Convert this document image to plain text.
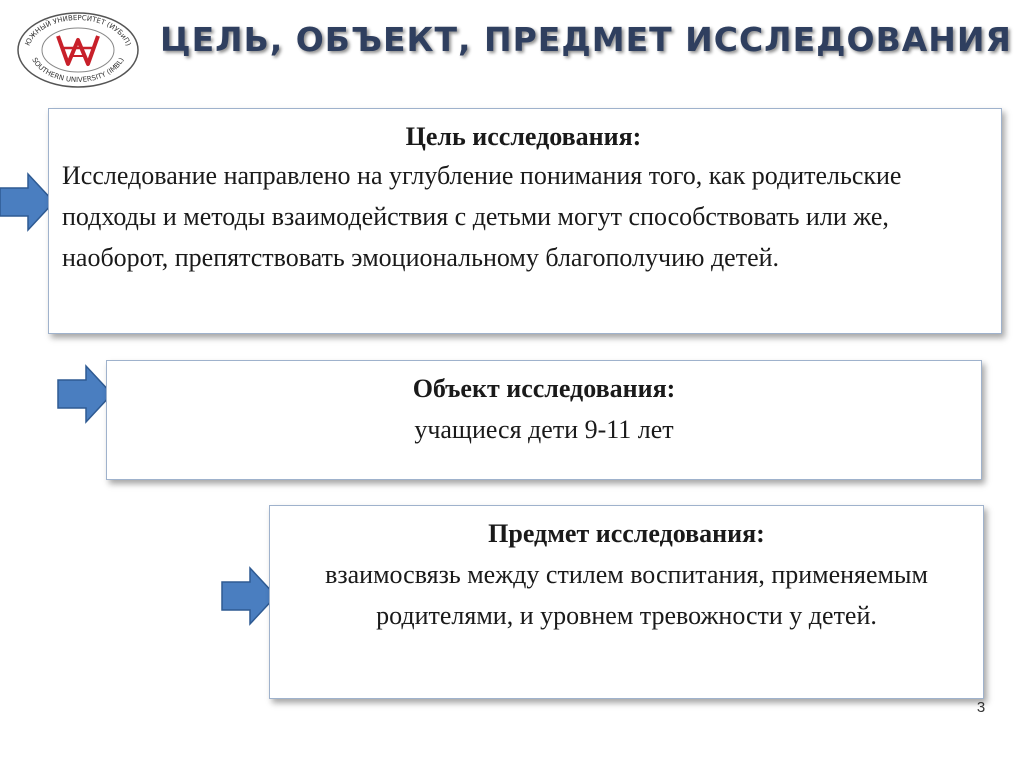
ЮЖНЫЙ УНИВЕРСИТЕТ (ИУБиП)
SOUTHERN UNIVERSITY (IMBL)
ЦЕЛЬ, ОБЪЕКТ, ПРЕДМЕТ ИССЛЕДОВАНИЯ
Цель исследования:
Исследование направлено на углубление понимания того, как родительские подходы и методы взаимодействия с детьми могут способствовать или же, наоборот, препятствовать эмоциональному благополучию детей.
Объект исследования:
учащиеся дети 9-11 лет
Предмет исследования:
взаимосвязь между стилем воспитания, применяемым родителями, и уровнем тревожности у детей.
3
